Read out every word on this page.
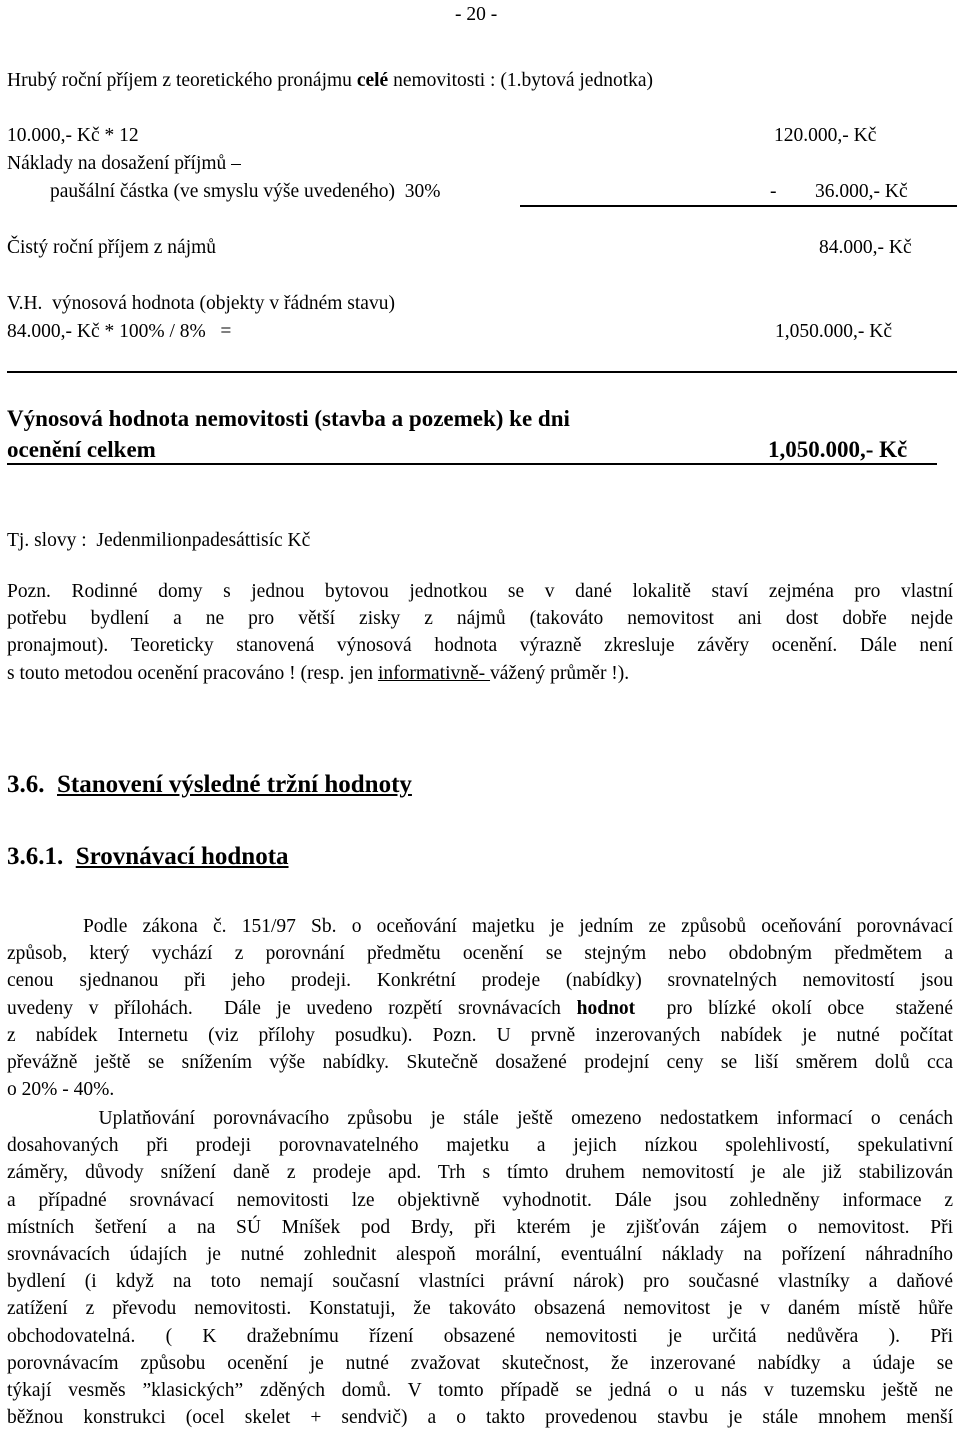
- 20 -
Hrubý roční příjem z teoretického pronájmu celé nemovitosti : (1.bytová jednotka)
10.000,- Kč * 12	120.000,- Kč
Náklady na dosažení příjmů –
paušální částka (ve smyslu výše uvedeného)  30%	- 36.000,- Kč
Čistý roční příjem z nájmů	84.000,- Kč
V.H.  výnosová hodnota (objekty v řádném stavu)
84.000,- Kč * 100% / 8%   =	1,050.000,- Kč
Výnosová hodnota nemovitosti (stavba a pozemek) ke dni
ocenění celkem	1,050.000,- Kč
Tj. slovy : Jedenmilionpadesáttisíc Kč
Pozn. Rodinné domy s jednou bytovou jednotkou se v dané lokalitě staví zejména pro vlastní
potřebu bydlení a ne pro větší zisky z nájmů (takováto nemovitost ani dost dobře nejde
pronajmout). Teoreticky stanovená výnosová hodnota výrazně zkresluje závěry ocenění. Dále není
s touto metodou ocenění pracováno ! (resp. jen informativně- vážený průměr !).
3.6. Stanovení výsledné tržní hodnoty
3.6.1. Srovnávací hodnota
Podle zákona č. 151/97 Sb. o oceňování majetku je jedním ze způsobů oceňování porovnávací
způsob, který vychází z porovnání předmětu ocenění se stejným nebo obdobným předmětem a
cenou sjednanou při jeho prodeji. Konkrétní prodeje (nabídky) srovnatelných nemovitostí jsou
uvedeny v přílohách.  Dále je uvedeno rozpětí srovnávacích hodnot  pro blízké okolí obce  stažené
z nabídek Internetu (viz přílohy posudku). Pozn. U prvně inzerovaných nabídek je nutné počítat
převážně ještě se snížením výše nabídky. Skutečně dosažené prodejní ceny se liší směrem dolů cca
o 20% - 40%.
Uplatňování porovnávacího způsobu je stále ještě omezeno nedostatkem informací o cenách
dosahovaných při prodeji porovnavatelného majetku a jejich nízkou spolehlivostí, spekulativní
záměry, důvody snížení daně z prodeje apd. Trh s tímto druhem nemovitostí je ale již stabilizován
a případné srovnávací nemovitosti lze objektivně vyhodnotit. Dále jsou zohledněny informace z
místních šetření a na SÚ Mníšek pod Brdy, při kterém je zjišťován zájem o nemovitost. Při
srovnávacích údajích je nutné zohlednit alespoň morální, eventuální náklady na pořízení náhradního
bydlení (i když na toto nemají současní vlastníci právní nárok) pro současné vlastníky a daňové
zatížení z převodu nemovitosti. Konstatuji, že takováto obsazená nemovitost je v daném místě hůře
obchodovatelná. ( K dražebnímu řízení obsazené nemovitosti je určitá nedůvěra ). Při
porovnávacím způsobu ocenění je nutné zvažovat skutečnost, že inzerované nabídky a údaje se
týkají vesměs ”klasických” zděných domů. V tomto případě se jedná o u nás v tuzemsku ještě ne
běžnou konstrukci (ocel skelet + sendvič) a o takto provedenou stavbu je stále mnohem menší
